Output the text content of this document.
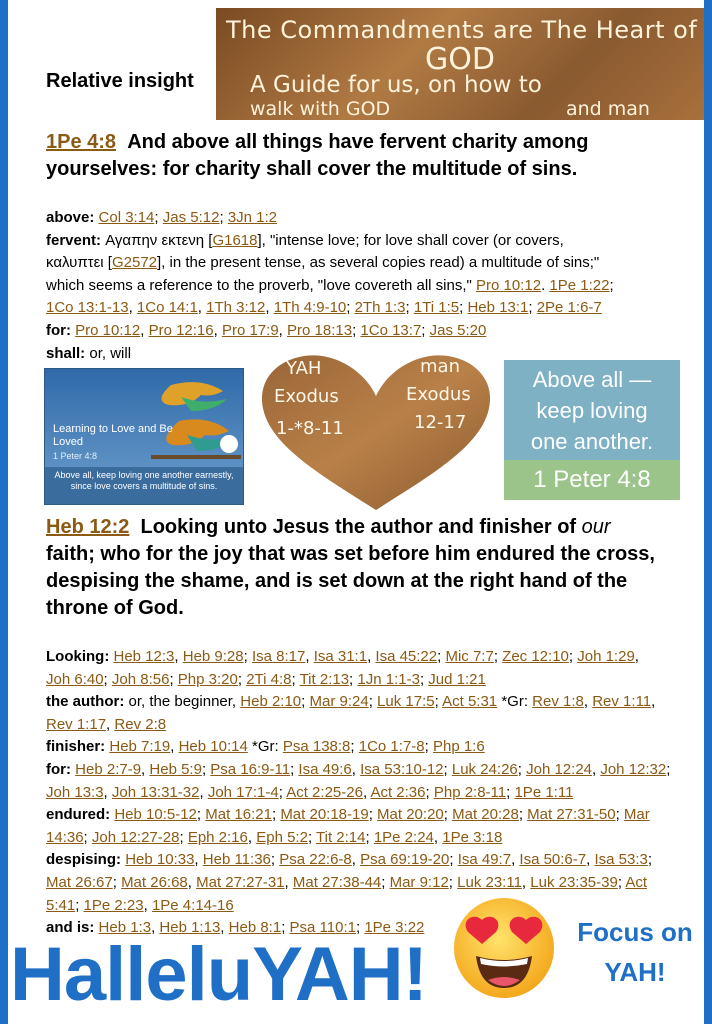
Relative insight
The Commandments are The Heart of
GOD
A Guide for us, on how to
walk with GOD	and man
1Pe 4:8 And above all things have fervent charity among
yourselves: for charity shall cover the multitude of sins.

above: Col 3:14; Jas 5:12; 3Jn 1:2

fervent: Αγαπην εκτενη [G1618], "intense love; for love shall cover (or covers,
καλυπτει [G2572], in the present tense, as several copies read) a multitude of sins;"
which seems a reference to the proverb, "love covereth all sins," Pro 10:12. 1Pe 1:22;
1Co 13:1-13, 1Co 14:1, 1Th 3:12, 1Th 4:9-10; 2Th 1:3; 1Ti 1:5; Heb 13:1; 2Pe 1:6-7

for: Pro 10:12, Pro 12:16, Pro 17:9, Pro 18:13; 1Co 13:7; Jas 5:20

shall: or, will

Learning to Love and Be Loved
1 Peter 4:8
Above all, keep loving one another earnestly, since love covers a multitude of sins.
YAH
Exodus
1-*8-11
man
Exodus
12-17
Above all —
keep loving
one another.
1 Peter 4:8
Heb 12:2 Looking unto Jesus the author and finisher of our
faith; who for the joy that was set before him endured the cross,
despising the shame, and is set down at the right hand of the
throne of God.

Looking: Heb 12:3, Heb 9:28; Isa 8:17, Isa 31:1, Isa 45:22; Mic 7:7; Zec 12:10; Joh 1:29,
Joh 6:40; Joh 8:56; Php 3:20; 2Ti 4:8; Tit 2:13; 1Jn 1:1-3; Jud 1:21

the author: or, the beginner, Heb 2:10; Mar 9:24; Luk 17:5; Act 5:31 *Gr: Rev 1:8, Rev 1:11, Rev 1:17, Rev 2:8

finisher: Heb 7:19, Heb 10:14 *Gr: Psa 138:8; 1Co 1:7-8; Php 1:6

for: Heb 2:7-9, Heb 5:9; Psa 16:9-11; Isa 49:6, Isa 53:10-12; Luk 24:26; Joh 12:24, Joh 12:32; Joh 13:3, Joh 13:31-32, Joh 17:1-4; Act 2:25-26, Act 2:36; Php 2:8-11; 1Pe 1:11

endured: Heb 10:5-12; Mat 16:21; Mat 20:18-19; Mat 20:20; Mat 20:28; Mat 27:31-50; Mar 14:36; Joh 12:27-28; Eph 2:16, Eph 5:2; Tit 2:14; 1Pe 2:24, 1Pe 3:18

despising: Heb 10:33, Heb 11:36; Psa 22:6-8, Psa 69:19-20; Isa 49:7, Isa 50:6-7, Isa 53:3; Mat 26:67; Mat 26:68, Mat 27:27-31, Mat 27:38-44; Mar 9:12; Luk 23:11, Luk 23:35-39; Act 5:41; 1Pe 2:23, 1Pe 4:14-16

and is: Heb 1:3, Heb 1:13, Heb 8:1; Psa 110:1; 1Pe 3:22

HalleluYAH!	Focus on
YAH!
